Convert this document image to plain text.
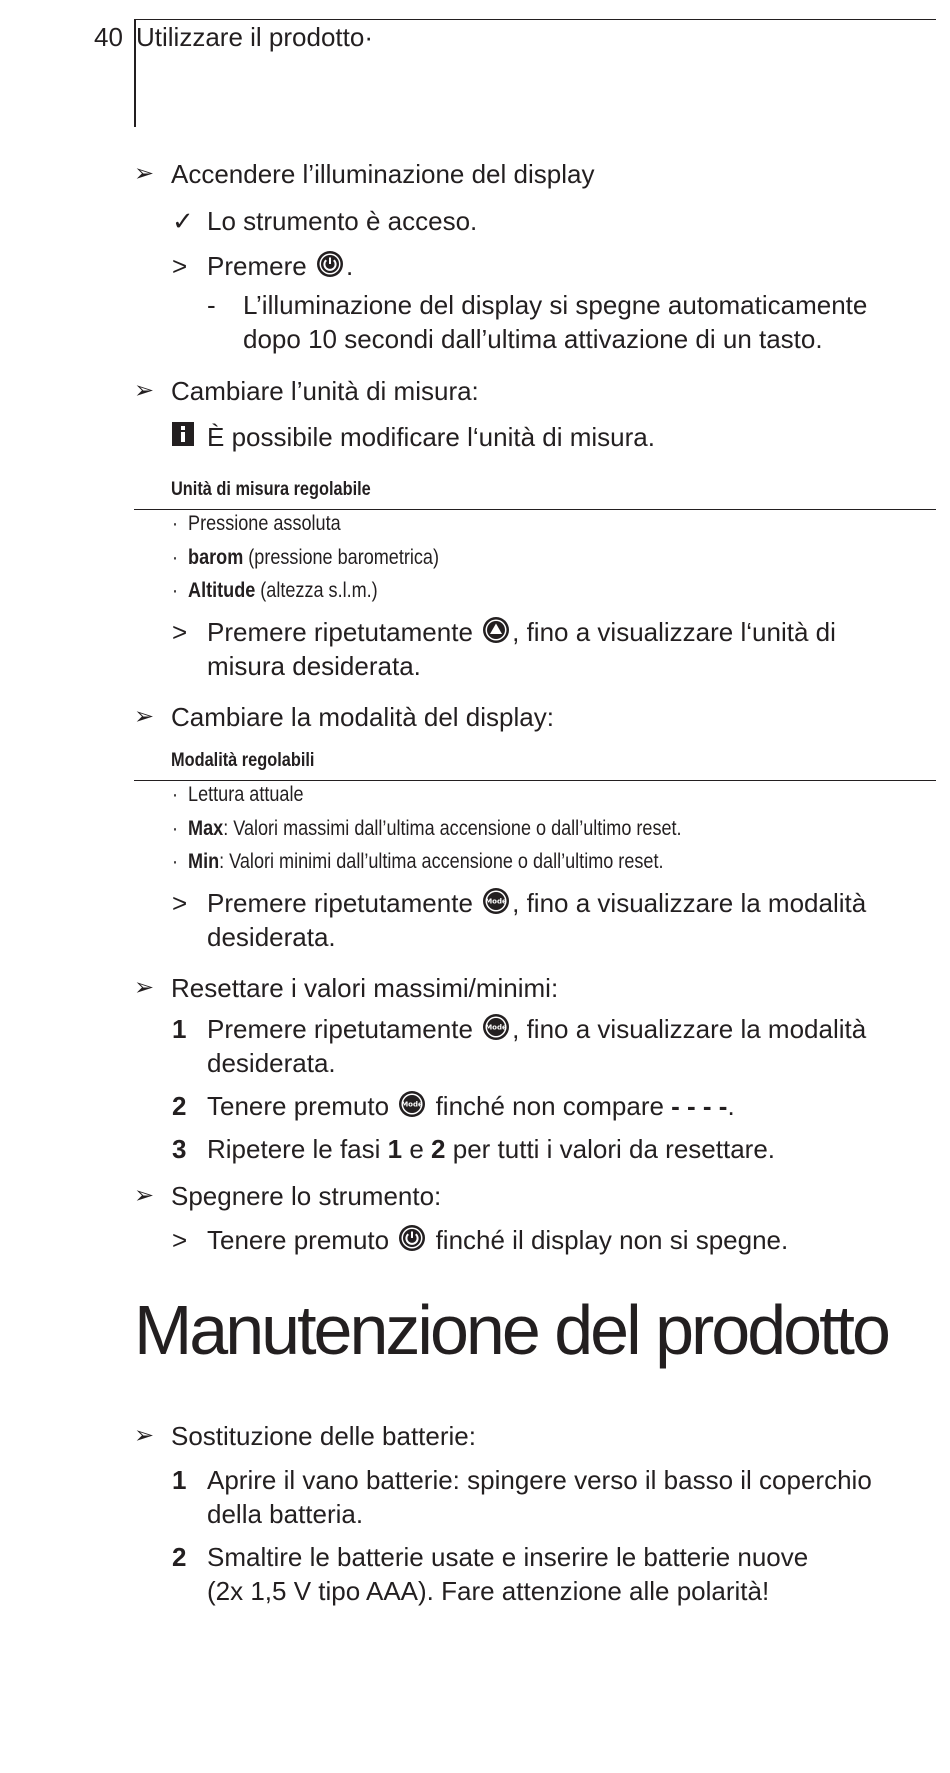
40 Utilizzare il prodotto·
➢ Accendere l’illuminazione del display
✓ Lo strumento è acceso.
> Premere .
- L’illuminazione del display si spegne automaticamente
dopo 10 secondi dall’ultima attivazione di un tasto.
➢ Cambiare l’unità di misura:
È possibile modificare l‘unità di misura.
Unità di misura regolabile
· Pressione assoluta
· barom (pressione barometrica)
· Altitude (altezza s.l.m.)
> Premere ripetutamente , fino a visualizzare l‘unità di
misura desiderata.
➢ Cambiare la modalità del display:
Modalità regolabili
· Lettura attuale
· Max: Valori massimi dall’ultima accensione o dall’ultimo reset.
· Min: Valori minimi dall’ultima accensione o dall’ultimo reset.
> Premere ripetutamente Mode , fino a visualizzare la modalità
desiderata.
➢ Resettare i valori massimi/minimi:
1 Premere ripetutamente Mode , fino a visualizzare la modalità
desiderata.
2 Tenere premuto Mode finché non compare - - - -.
3 Ripetere le fasi 1 e 2 per tutti i valori da resettare.
➢ Spegnere lo strumento:
> Tenere premuto  finché il display non si spegne.
Manutenzione del prodotto
➢ Sostituzione delle batterie:
1 Aprire il vano batterie: spingere verso il basso il coperchio
della batteria.
2 Smaltire le batterie usate e inserire le batterie nuove
(2x 1,5 V tipo AAA). Fare attenzione alle polarità!
